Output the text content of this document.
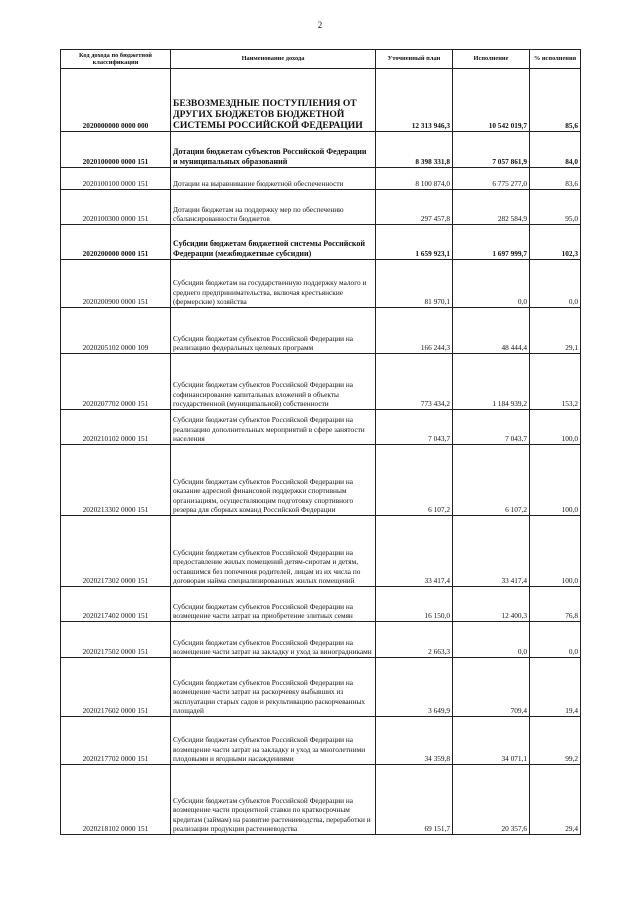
2
Код дохода по бюджетной классификации	Наименование дохода	Уточненный план	Исполнение	% исполнения
2020000000 0000 000	БЕЗВОЗМЕЗДНЫЕ ПОСТУПЛЕНИЯ ОТ ДРУГИХ БЮДЖЕТОВ БЮДЖЕТНОЙ СИСТЕМЫ РОССИЙСКОЙ ФЕДЕРАЦИИ	12 313 946,3	10 542 019,7	85,6
2020100000 0000 151	Дотации бюджетам субъектов Российской Федерации и муниципальных образований	8 398 331,8	7 057 861,9	84,0
2020100100 0000 151	Дотации на выравнивание бюджетной обеспеченности	8 100 874,0	6 775 277,0	83,6
2020100300 0000 151	Дотации бюджетам на поддержку мер по обеспечению сбалансированности бюджетов	297 457,8	282 584,9	95,0
2020200000 0000 151	Субсидии бюджетам бюджетной системы Российской Федерации (межбюджетные субсидии)	1 659 923,1	1 697 999,7	102,3
2020200900 0000 151	Субсидии бюджетам на государственную поддержку малого и среднего предпринимательства, включая крестьянские (фермерские) хозяйства	81 970,1	0,0	0,0
2020205102 0000 109	Субсидии бюджетам субъектов Российской Федерации на реализацию федеральных целевых программ	166 244,3	48 444,4	29,1
2020207702 0000 151	Субсидии бюджетам субъектов Российской Федерации на софинансирование капитальных вложений в объекты государственной (муниципальной) собственности	773 434,2	1 184 939,2	153,2
2020210102 0000 151	Субсидии бюджетам субъектов Российской Федерации на реализацию дополнительных мероприятий в сфере занятости населения	7 043,7	7 043,7	100,0
2020213302 0000 151	Субсидии бюджетам субъектов Российской Федерации на оказание адресной финансовой поддержки спортивным организациям, осуществляющим подготовку спортивного резерва для сборных команд Российской Федерации	6 107,2	6 107,2	100,0
2020217302 0000 151	Субсидии бюджетам субъектов Российской Федерации на предоставление жилых помещений детям-сиротам и детям, оставшимся без попечения родителей, лицам из их числа по договорам найма специализированных жилых помещений	33 417,4	33 417,4	100,0
2020217402 0000 151	Субсидии бюджетам субъектов Российской Федерации на возмещение части затрат на приобретение элитных семян	16 150,0	12 400,3	76,8
2020217502 0000 151	Субсидии бюджетам субъектов Российской Федерации на возмещение части затрат на закладку и уход за виноградниками	2 663,3	0,0	0,0
2020217602 0000 151	Субсидии бюджетам субъектов Российской Федерации на возмещение части затрат на раскорчевку выбывших из эксплуатации старых садов и рекультивацию раскорчеванных площадей	3 649,9	709,4	19,4
2020217702 0000 151	Субсидии бюджетам субъектов Российской Федерации на возмещение части затрат на закладку и уход за многолетними плодовыми и ягодными насаждениями	34 359,8	34 071,1	99,2
2020218102 0000 151	Субсидии бюджетам субъектов Российской Федерации на возмещение части процентной ставки по краткосрочным кредитам (займам) на развитие растениеводства, переработки и реализации продукции растениеводства	69 151,7	20 357,6	29,4
